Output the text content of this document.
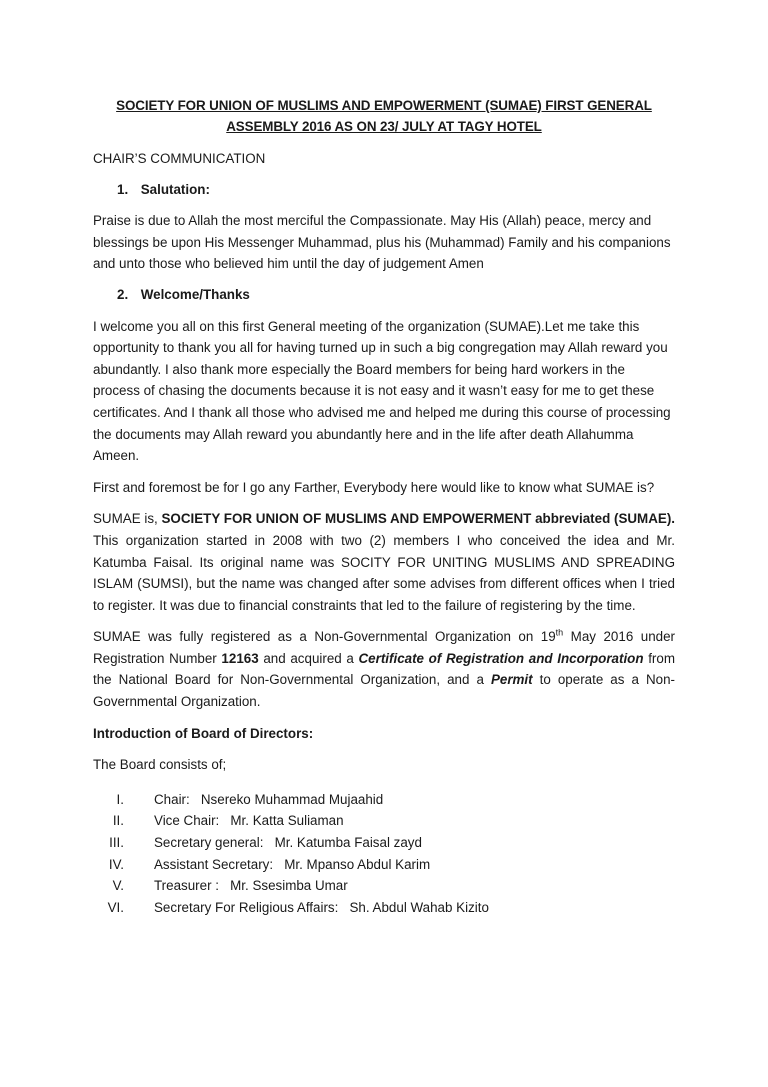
SOCIETY FOR UNION OF MUSLIMS AND EMPOWERMENT (SUMAE) FIRST GENERAL
ASSEMBLY 2016 AS ON 23/ JULY AT TAGY HOTEL

CHAIR’S COMMUNICATION

1. Salutation:

Praise is due to Allah the most merciful the Compassionate. May His (Allah) peace, mercy and blessings be upon His Messenger Muhammad, plus his (Muhammad) Family and his companions and unto those who believed him until the day of judgement Amen

2. Welcome/Thanks

I welcome you all on this first General meeting of the organization (SUMAE).Let me take this opportunity to thank you all for having turned up in such a big congregation may Allah reward you abundantly. I also thank more especially the Board members for being hard workers in the process of chasing the documents because it is not easy and it wasn’t easy for me to get these certificates. And I thank all those who advised me and helped me during this course of processing the documents may Allah reward you abundantly here and in the life after death Allahumma Ameen.

First and foremost be for I go any Farther, Everybody here would like to know what SUMAE is?

SUMAE is, SOCIETY FOR UNION OF MUSLIMS AND EMPOWERMENT abbreviated (SUMAE). This organization started in 2008 with two (2) members I who conceived the idea and Mr. Katumba Faisal. Its original name was SOCITY FOR UNITING MUSLIMS AND SPREADING ISLAM (SUMSI), but the name was changed after some advises from different offices when I tried to register. It was due to financial constraints that led to the failure of registering by the time.

SUMAE was fully registered as a Non-Governmental Organization on 19th May 2016 under Registration Number 12163 and acquired a Certificate of Registration and Incorporation from the National Board for Non-Governmental Organization, and a Permit to operate as a Non-Governmental Organization.

Introduction of Board of Directors:

The Board consists of;

I.	Chair:   Nsereko Muhammad Mujaahid
II.	Vice Chair:   Mr. Katta Suliaman
III.	Secretary general:   Mr. Katumba Faisal zayd
IV.	Assistant Secretary:   Mr. Mpanso Abdul Karim
V.	Treasurer :   Mr. Ssesimba Umar
VI.	Secretary For Religious Affairs:   Sh. Abdul Wahab Kizito
